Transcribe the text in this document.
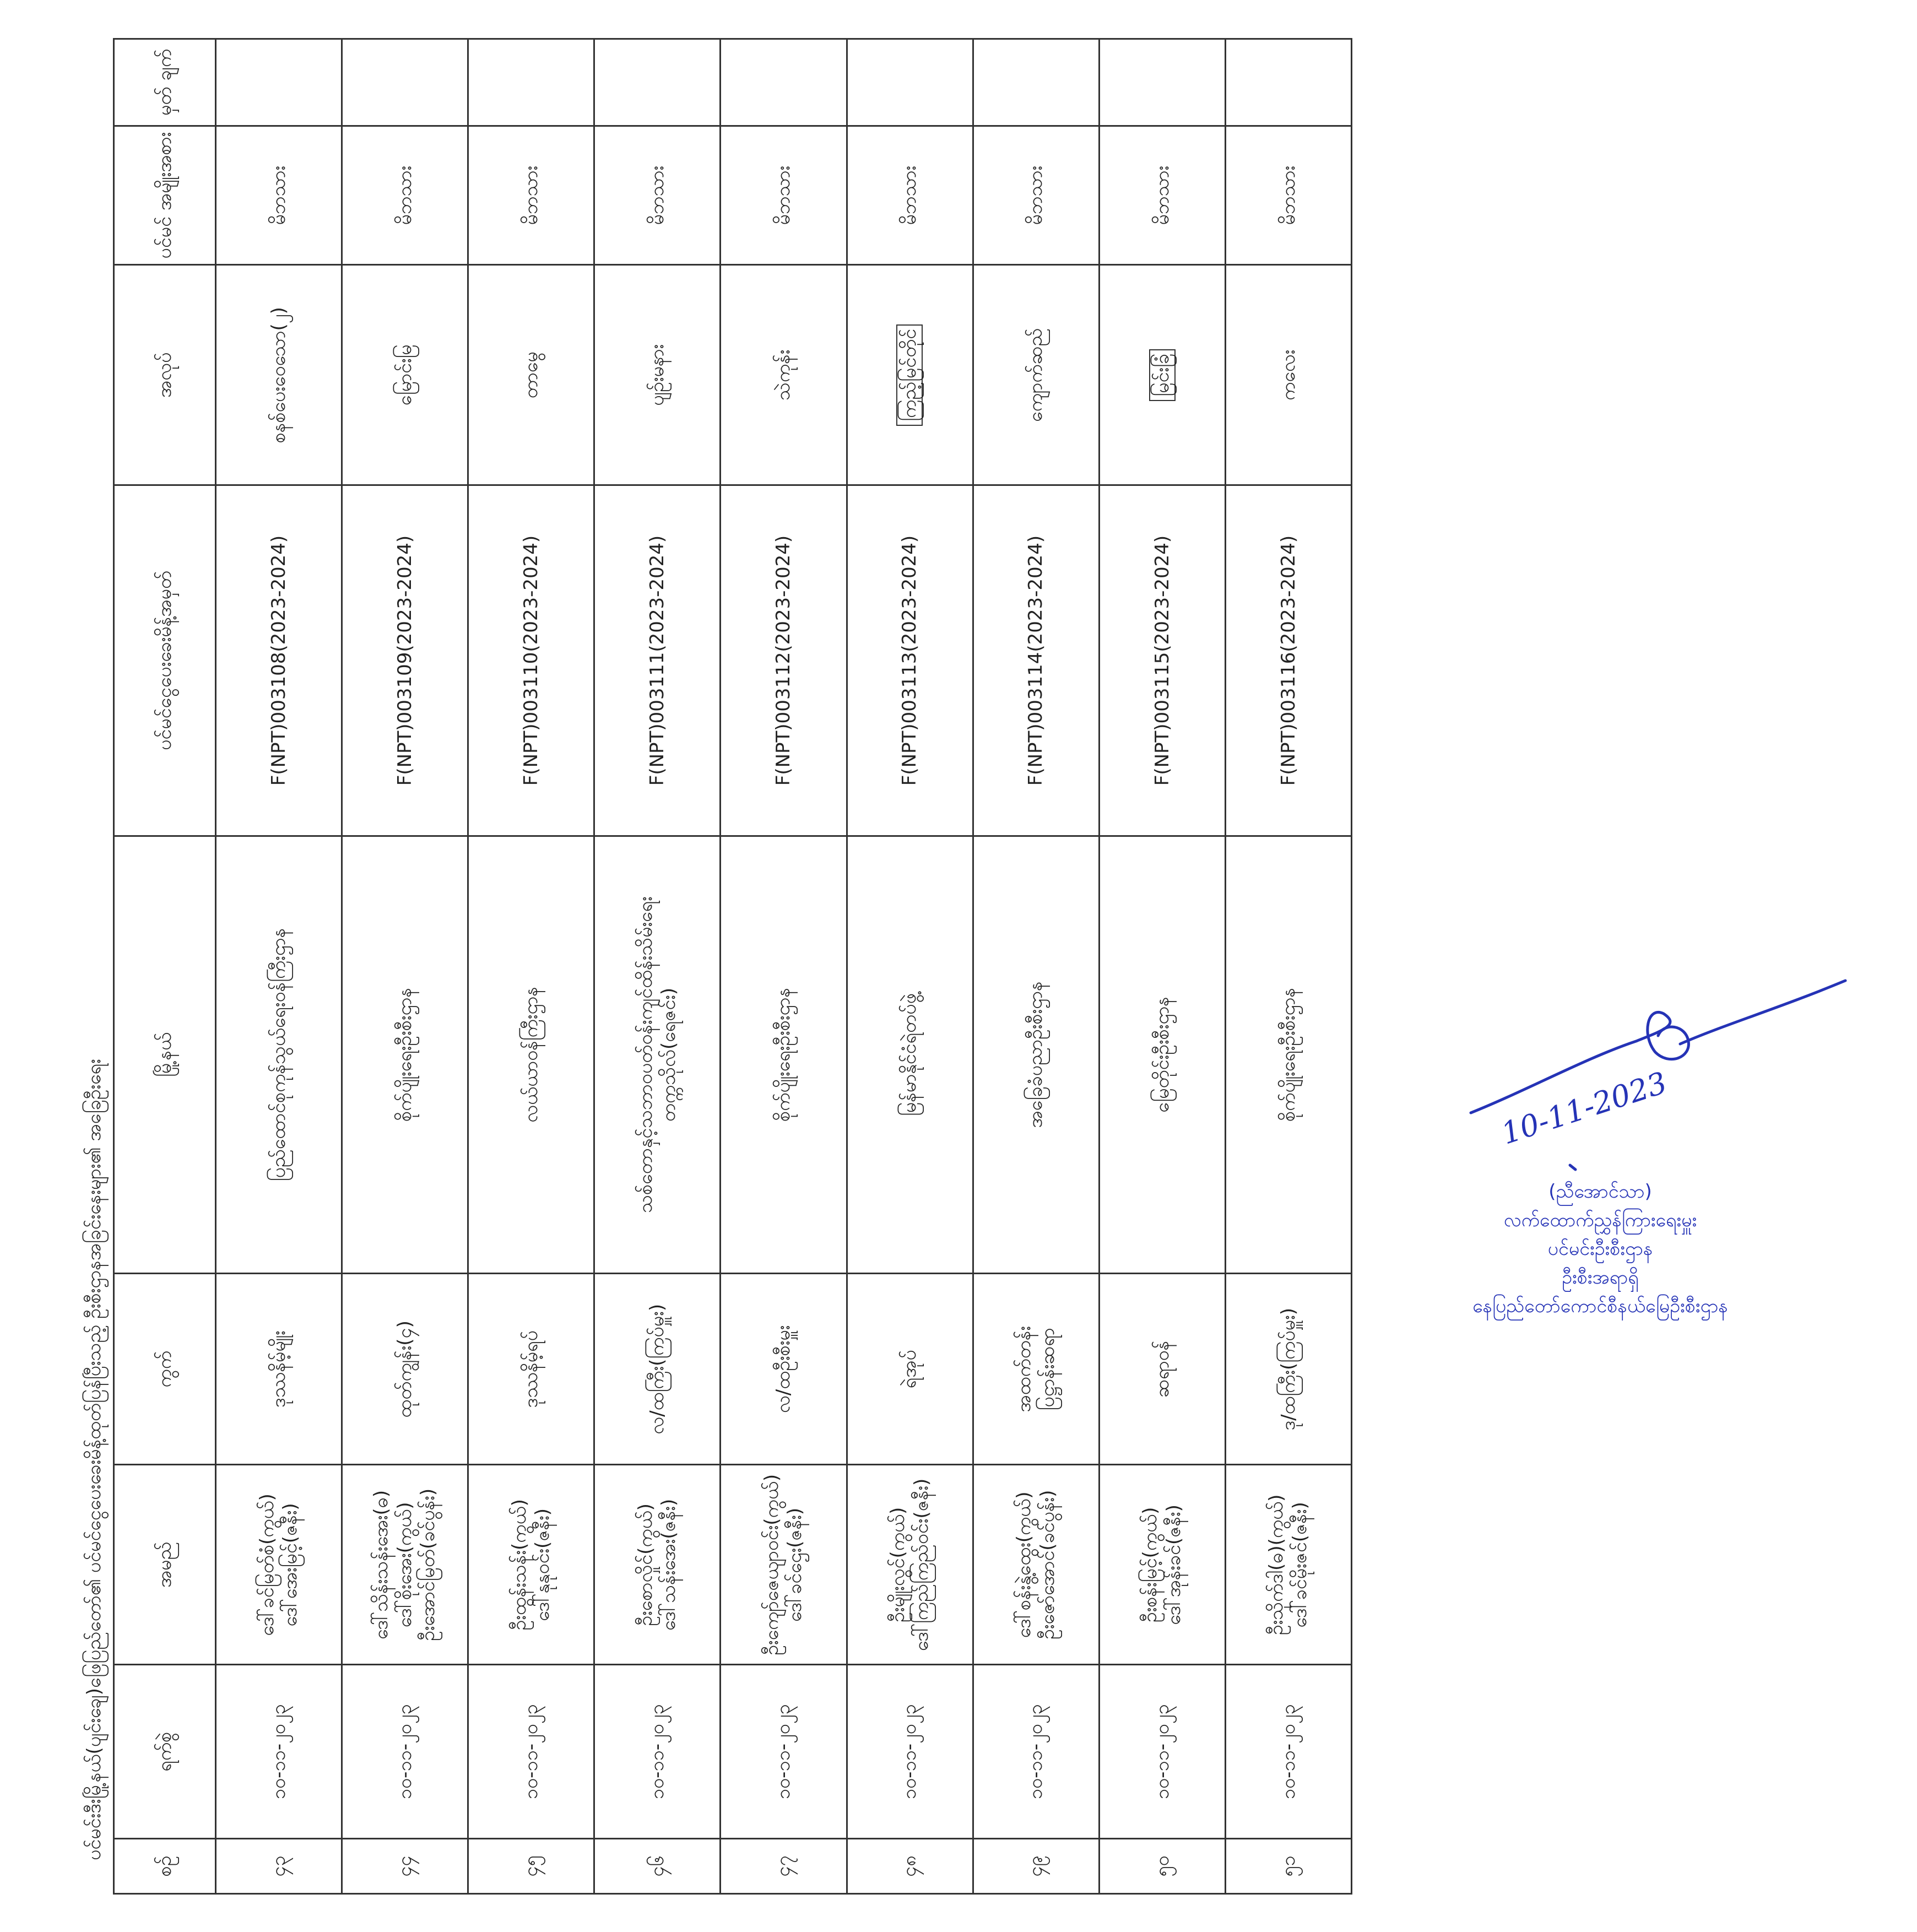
ပင်မင်းဒီးမြို့နယ်(ပျင်းချေ)ဖြေပြည်တော်၏ ပင်မင်ငွေပေးခေးမိန့်ထုတ်ပြန်ပြီးသည့် ဦးစီးဌာနအခြင်းနေးများ၏ အခြေဦးရေး
စဉ်	ရက်စွဲ	အမည်	ကွက်	မြို့နယ်	ပင်မင်ငွေပေးခေးမိန့်အမှတ်	အလုပ်	ပင်မင် အမျိုးအစား	မှတ် ချက်
၄၃	၁၀-၁၁-၂၀၂၃	ဒေါ်ခင်မြတ်စံ(ကွယ်) ဒေါ်အေးမြင့်(ဇနီး)	ဒုဿနိမ့်မျိုး	ပြည်ထောင်စုကုန်သွယ်ရေးဝန်ကြီးဌာန	F(NPT)003108(2023-2024)	စနစ်ပေးဝေသော(၂)	မိဘသား	
၄၄	၁၀-၁၁-၂၀၂၃	ဒေါ်သိန်းသန်းအေး(ဓ) ဒေါ်စိုးအေး(ကွယ်) ဦးအောင်မြတ်(ခင်ပွန်း)	ထုတ်ကျွန်း(၄)	စိုက်ပျိုးရေးဦးစီးဌာန	F(NPT)003109(2023-2024)	မြောင်းမြ	မိဘသား	
၄၅	၁၀-၁၁-၂၀၂၃	ဦးထွန်းသန်း(ကွယ်) ဒေါ်နုနုဝင်း(ဇနီး)	ဒုဿနိမ့်ရပ်	လယ်ယာဝန်ကြီးဌာန	F(NPT)003110(2023-2024)	တာမွေ	မိဘသား	
၄၆	၁၀-၁၁-၂၀၂၃	ဦးစောလှိုင်(ကွယ်) ဒေါ်သန်းအေး(ဇနီး)	လ/ထကြီး(ကြပ်မှူး)	သစ်တောနှင့်သဘာဝပတ်ဝန်းကျင်ထိန်းသိမ်းရေး တက္ကသိုလ်(ရေဇင်း)	F(NPT)003111(2023-2024)	ပျဉ်းမနား	မိဘသား	
၄၇	၁၀-၁၁-၂၀၂၃	ဦးကျော်ဇေယျာဝင်း(ကွယ်) ဒေါ်ခင်ဌေး(ဇနီး)	လ/ထဦးစီးမှူး	စိုက်ပျိုးရေးဦးစီးဌာန	F(NPT)003112(2023-2024)	သဲကုန်း	မိဘသား	
၄၈	၁၀-၁၁-၂၀၂၃	ဦးမျိုးလွင်(ကွယ်) ဒေါ်ကြည်ကြည်ဝင်း(ဇနီး)	ရဲအုပ်	မြန်မာနိုင်ငံရဲတပ်ဖွဲ့	F(NPT)003113(2023-2024)	ကြည့်မြင်တိုင်	မိဘသား	
၄၉	၁၀-၁၁-၂၀၂၃	ဒေါ်စန်းနွဲ့ထွေး(ကွယ်) ဦးဇော်အောင်(ခင်ပွန်း)	အထက်တန်း ပြဋ္ဌာန်းဆရာ	အခြေခံပညာဦးစီးဌာန	F(NPT)003114(2023-2024)	ကျောက်ဆည်	မိဘသား	
၅၀	၁၀-၁၁-၂၀၂၃	ဦးစန်းမြင့်(ကွယ်) ဒေါ်အုန်းခင်(ဇနီး)	ဆရာဝန်	မြေတိုင်းဦးစီးဌာန	F(NPT)003115(2023-2024)	မြင်းခြံ	မိဘသား	
၅၁	၁၀-၁၁-၂၀၂၃	ဦးသိုက်ဒါ(ဓ)(ကွယ်) ဒေါ်ခင်မိုးဇင်(ဇနီး)	ဒု/ထကြီး(ကြပ်မှူး)	စိုက်ပျိုးရေးဦးစီးဌာန	F(NPT)003116(2023-2024)	ကလေး	မိဘသား	
(ညီအောင်သာ)
လက်ထောက်ညွှန်ကြားရေးမှူး
ပင်မင်းဦးစီးဌာန
ဦးစီးအရာရှိ
နေပြည်တော်ကောင်စီနယ်မြေဦးစီးဌာန
10-11-2023
